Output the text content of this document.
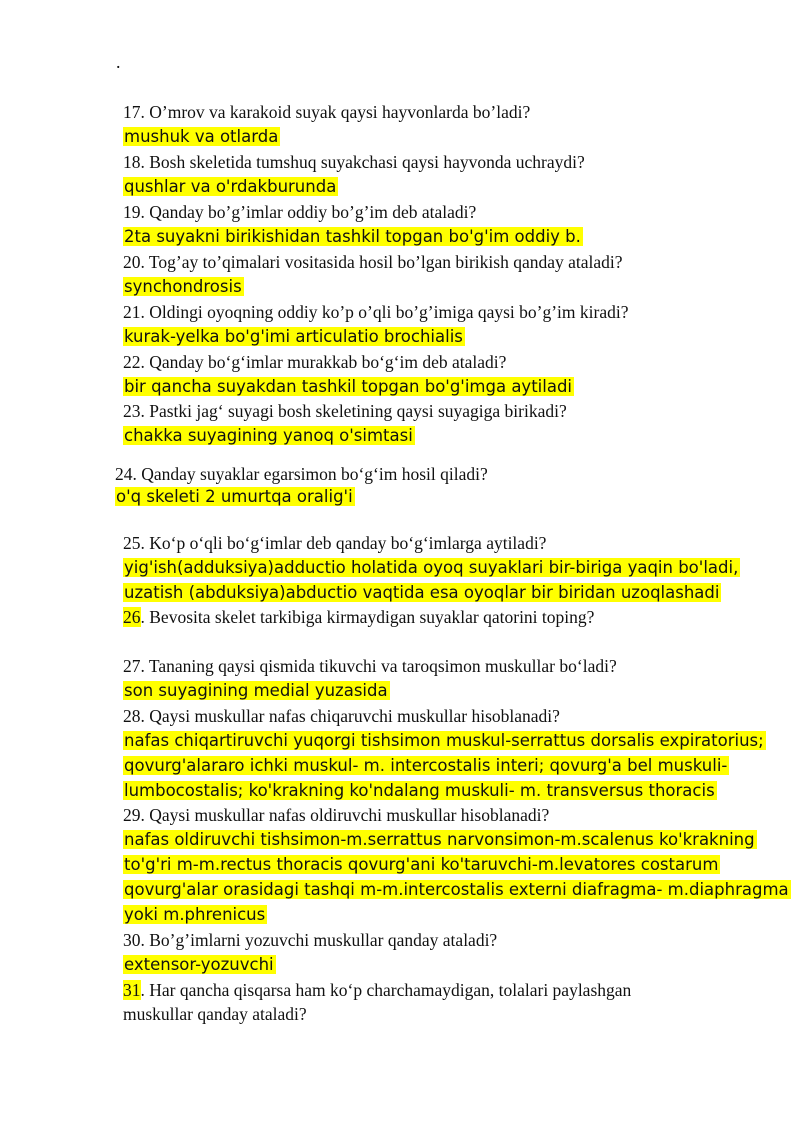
.
17. O’mrov va karakoid suyak qaysi hayvonlarda bo’ladi?
mushuk va otlarda
18. Bosh skeletida tumshuq suyakchasi qaysi hayvonda uchraydi?
qushlar va o'rdakburunda
19. Qanday bo’g’imlar oddiy bo’g’im deb ataladi?
2ta suyakni birikishidan tashkil topgan bo'g'im oddiy b.
20. Tog’ay to’qimalari vositasida hosil bo’lgan birikish qanday ataladi?
synchondrosis
21. Oldingi oyoqning oddiy ko’p o’qli bo’g’imiga qaysi bo’g’im kiradi?
kurak-yelka bo'g'imi articulatio brochialis
22. Qanday bo‘g‘imlar murakkab bo‘g‘im deb ataladi?
bir qancha suyakdan tashkil topgan bo'g'imga aytiladi
23. Pastki jag‘ suyagi bosh skeletining qaysi suyagiga birikadi?
chakka suyagining yanoq o'simtasi
24. Qanday suyaklar egarsimon bo‘g‘im hosil qiladi?
o'q skeleti 2 umurtqa oralig'i
25. Ko‘p o‘qli bo‘g‘imlar deb qanday bo‘g‘imlarga aytiladi?
yig'ish(adduksiya)adductio holatida oyoq suyaklari bir-biriga yaqin bo'ladi,
uzatish (abduksiya)abductio vaqtida esa oyoqlar bir biridan uzoqlashadi
26. Bevosita skelet tarkibiga kirmaydigan suyaklar qatorini toping?
27. Tananing qaysi qismida tikuvchi va taroqsimon muskullar bo‘ladi?
son suyagining medial yuzasida
28. Qaysi muskullar nafas chiqaruvchi muskullar hisoblanadi?
nafas chiqartiruvchi yuqorgi tishsimon muskul-serrattus dorsalis expiratorius;
qovurg'alararo ichki muskul- m. intercostalis interi; qovurg'a bel muskuli-
lumbocostalis; ko'krakning ko'ndalang muskuli- m. transversus thoracis
29. Qaysi muskullar nafas oldiruvchi muskullar hisoblanadi?
nafas oldiruvchi tishsimon-m.serrattus narvonsimon-m.scalenus ko'krakning
to'g'ri m-m.rectus thoracis qovurg'ani ko'taruvchi-m.levatores costarum
qovurg'alar orasidagi tashqi m-m.intercostalis externi diafragma- m.diaphragma
yoki m.phrenicus
30. Bo’g’imlarni yozuvchi muskullar qanday ataladi?
extensor-yozuvchi
31. Har qancha qisqarsa ham ko‘p charchamaydigan, tolalari paylashgan
muskullar qanday ataladi?
